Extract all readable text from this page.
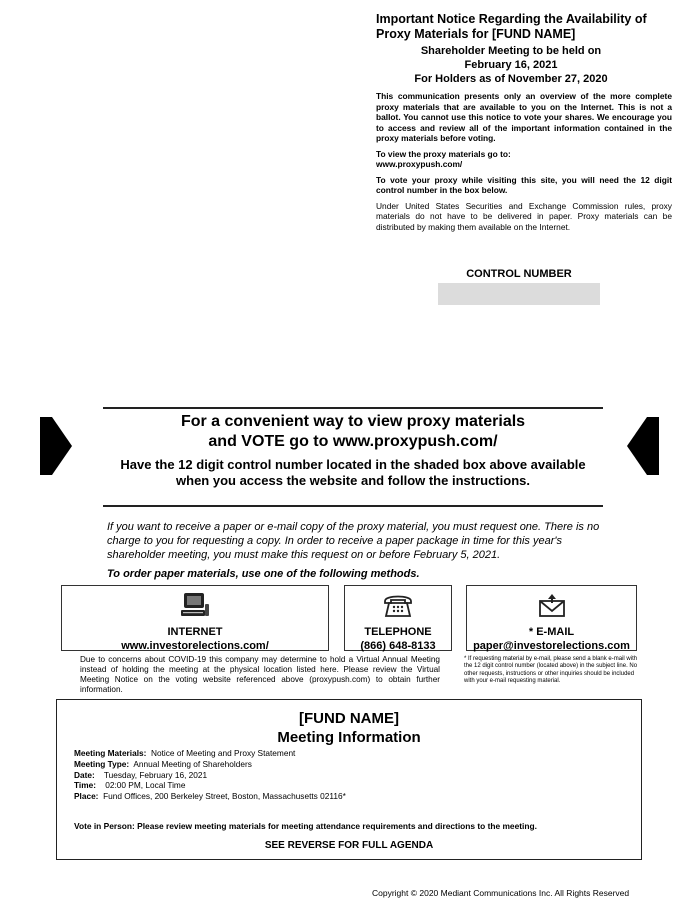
Important Notice Regarding the Availability of Proxy Materials for [FUND NAME]
Shareholder Meeting to be held on
February 16, 2021
For Holders as of November 27, 2020

This communication presents only an overview of the more complete proxy materials that are available to you on the Internet. This is not a ballot. You cannot use this notice to vote your shares. We encourage you to access and review all of the important information contained in the proxy materials before voting.

To view the proxy materials go to:
www.proxypush.com/

To vote your proxy while visiting this site, you will need the 12 digit control number in the box below.

Under United States Securities and Exchange Commission rules, proxy materials do not have to be delivered in paper. Proxy materials can be distributed by making them available on the Internet.

CONTROL NUMBER
For a convenient way to view proxy materials
and VOTE go to www.proxypush.com/
Have the 12 digit control number located in the shaded box above available
when you access the website and follow the instructions.
If you want to receive a paper or e-mail copy of the proxy material, you must request one. There is no charge to you for requesting a copy. In order to receive a paper package in time for this year's shareholder meeting, you must make this request on or before February 5, 2021.
To order paper materials, use one of the following methods.
INTERNET
www.investorelections.com/
TELEPHONE
(866) 648-8133
* E-MAIL
paper@investorelections.com
Due to concerns about COVID-19 this company may determine to hold a Virtual Annual Meeting instead of holding the meeting at the physical location listed here. Please review the Virtual Meeting Notice on the voting website referenced above (proxypush.com) to obtain further information.
* If requesting material by e-mail, please send a blank e-mail with the 12 digit control number (located above) in the subject line. No other requests, instructions or other inquiries should be included with your e-mail requesting material.
[FUND NAME]
Meeting Information
Meeting Materials: Notice of Meeting and Proxy Statement
Meeting Type: Annual Meeting of Shareholders
Date: Tuesday, February 16, 2021
Time: 02:00 PM, Local Time
Place: Fund Offices, 200 Berkeley Street, Boston, Massachusetts 02116*
Vote in Person: Please review meeting materials for meeting attendance requirements and directions to the meeting.
SEE REVERSE FOR FULL AGENDA
Copyright © 2020 Mediant Communications Inc. All Rights Reserved
